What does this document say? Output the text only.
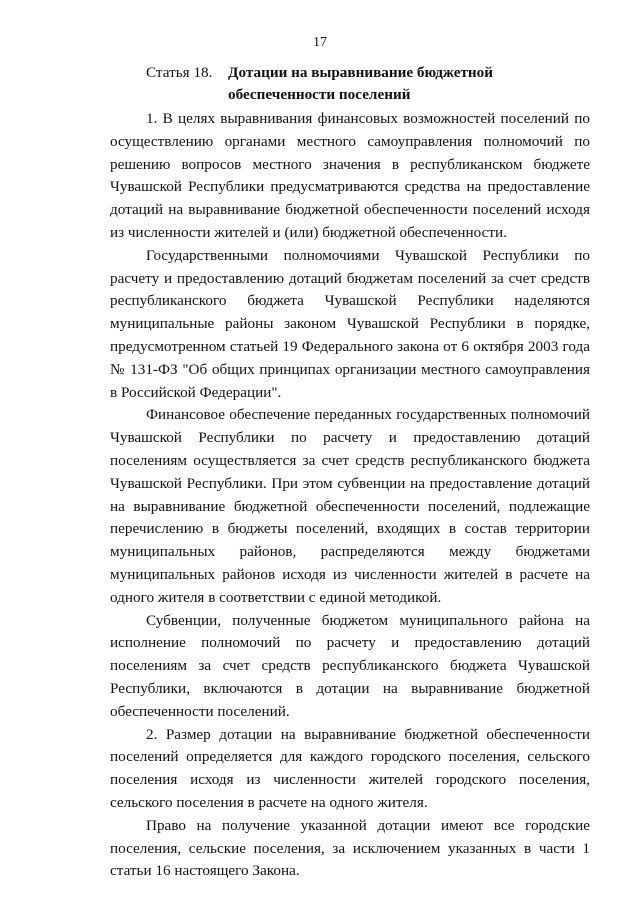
17
Статья 18.	Дотации на выравнивание бюджетной обеспеченности поселений

1. В целях выравнивания финансовых возможностей поселений по осуществлению органами местного самоуправления полномочий по решению вопросов местного значения в республиканском бюджете Чувашской Республики предусматриваются средства на предоставление дотаций на выравнивание бюджетной обеспеченности поселений исходя из численности жителей и (или) бюджетной обеспеченности.

Государственными полномочиями Чувашской Республики по расчету и предоставлению дотаций бюджетам поселений за счет средств республиканского бюджета Чувашской Республики наделяются муниципальные районы законом Чувашской Республики в порядке, предусмотренном статьей 19 Федерального закона от 6 октября 2003 года № 131-ФЗ "Об общих принципах организации местного самоуправления в Российской Федерации".

Финансовое обеспечение переданных государственных полномочий Чувашской Республики по расчету и предоставлению дотаций поселениям осуществляется за счет средств республиканского бюджета Чувашской Республики. При этом субвенции на предоставление дотаций на выравнивание бюджетной обеспеченности поселений, подлежащие перечислению в бюджеты поселений, входящих в состав территории муниципальных районов, распределяются между бюджетами муниципальных районов исходя из численности жителей в расчете на одного жителя в соответствии с единой методикой.

Субвенции, полученные бюджетом муниципального района на исполнение полномочий по расчету и предоставлению дотаций поселениям за счет средств республиканского бюджета Чувашской Республики, включаются в дотации на выравнивание бюджетной обеспеченности поселений.

2. Размер дотации на выравнивание бюджетной обеспеченности поселений определяется для каждого городского поселения, сельского поселения исходя из численности жителей городского поселения, сельского поселения в расчете на одного жителя.

Право на получение указанной дотации имеют все городские поселения, сельские поселения, за исключением указанных в части 1 статьи 16 настоящего Закона.
